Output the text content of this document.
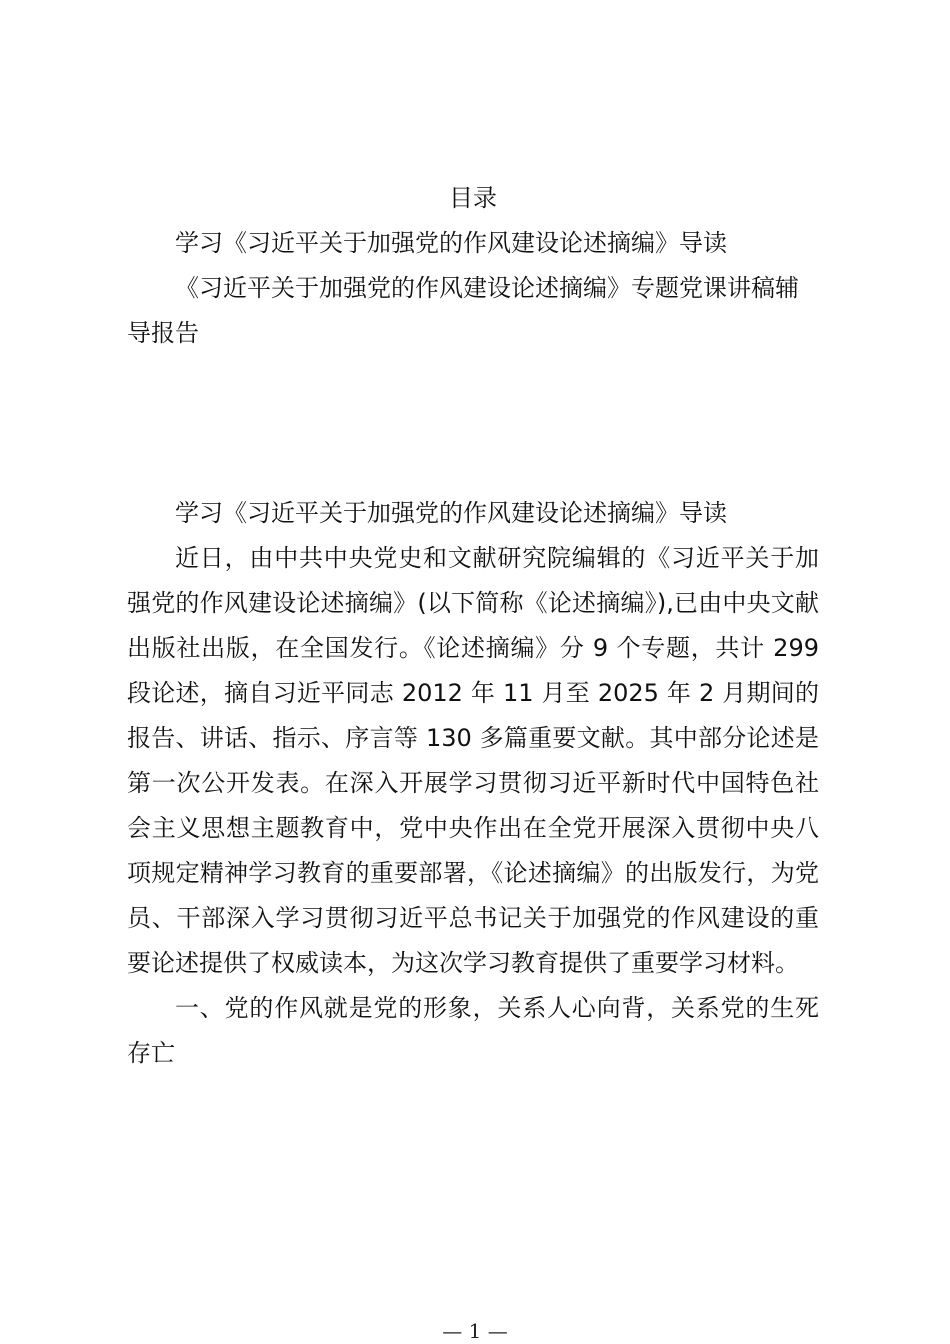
目录

学习《习近平关于加强党的作风建设论述摘编》导读

《习近平关于加强党的作风建设论述摘编》专题党课讲稿辅导报告

学习《习近平关于加强党的作风建设论述摘编》导读

近日，由中共中央党史和文献研究院编辑的《习近平关于加强党的作风建设论述摘编》(以下简称《论述摘编》),已由中央文献出版社出版，在全国发行。《论述摘编》分 9 个专题，共计 299 段论述，摘自习近平同志 2012 年 11 月至 2025 年 2 月期间的报告、讲话、指示、序言等 130 多篇重要文献。其中部分论述是第一次公开发表。在深入开展学习贯彻习近平新时代中国特色社会主义思想主题教育中，党中央作出在全党开展深入贯彻中央八项规定精神学习教育的重要部署，《论述摘编》的出版发行，为党员、干部深入学习贯彻习近平总书记关于加强党的作风建设的重要论述提供了权威读本，为这次学习教育提供了重要学习材料。

一、党的作风就是党的形象，关系人心向背，关系党的生死存亡

— 1 —
